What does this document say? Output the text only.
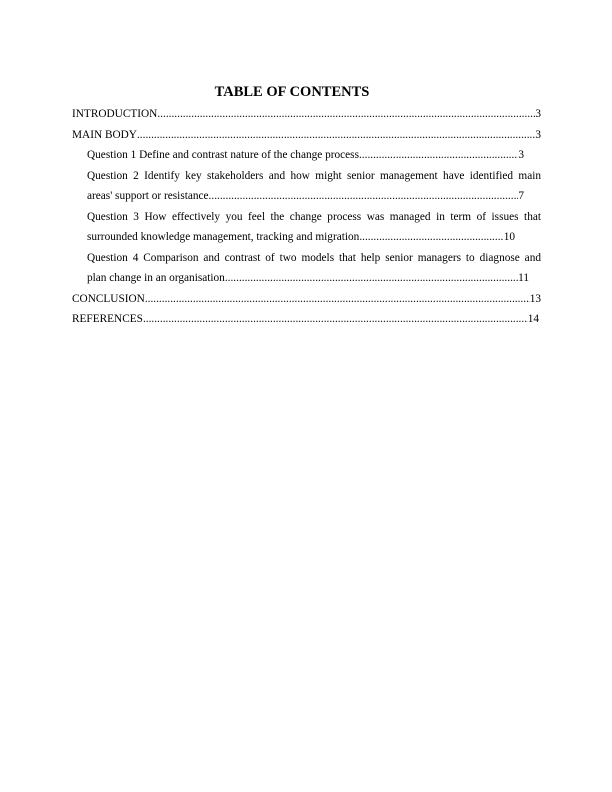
TABLE OF CONTENTS
INTRODUCTION .....	3
MAIN BODY .....	3
Question 1 Define and contrast nature of the change process .....	3
Question 2 Identify key stakeholders and how might senior management have identified main
areas' support or resistance .....	7
Question 3 How effectively you feel the change process was managed in term of issues that
surrounded knowledge management, tracking and migration .....	10
Question 4 Comparison and contrast of two models that help senior managers to diagnose and
plan change in an organisation .....	11
CONCLUSION .....	13
REFERENCES .....	14
